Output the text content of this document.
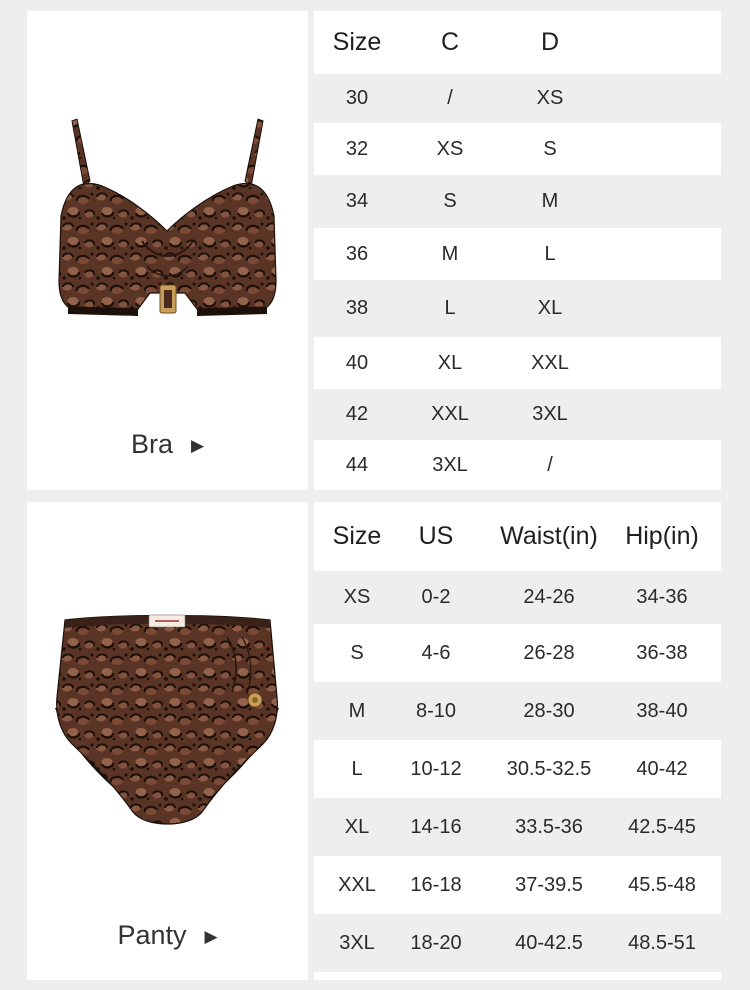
Bra ▶
Size	C	D
30	/	XS
32	XS	S
34	S	M
36	M	L
38	L	XL
40	XL	XXL
42	XXL	3XL
44	3XL	/
Panty ▶
Size	US	Waist(in)	Hip(in)
XS	0-2	24-26	34-36
S	4-6	26-28	36-38
M	8-10	28-30	38-40
L	10-12	30.5-32.5	40-42
XL	14-16	33.5-36	42.5-45
XXL	16-18	37-39.5	45.5-48
3XL	18-20	40-42.5	48.5-51
